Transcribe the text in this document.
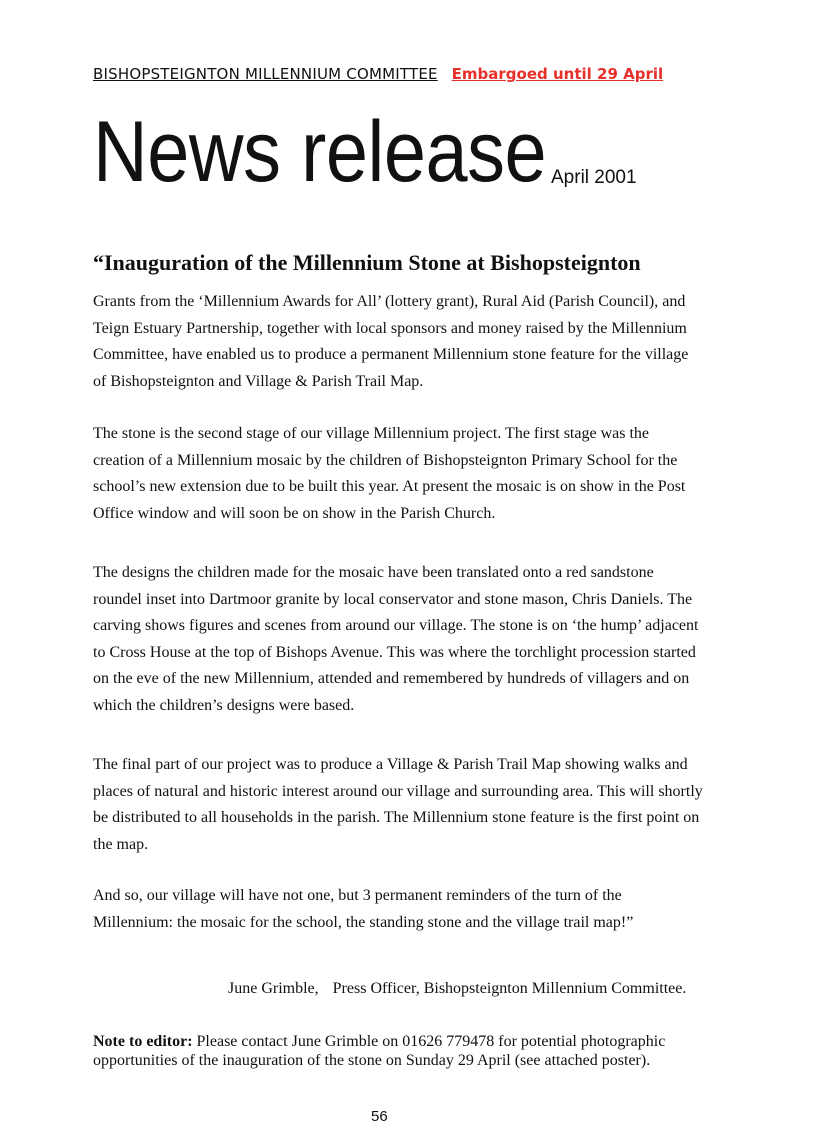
BISHOPSTEIGNTON MILLENNIUM COMMITTEE Embargoed until 29 April
News release April 2001
“Inauguration of the Millennium Stone at Bishopsteignton

Grants from the ‘Millennium Awards for All’ (lottery grant), Rural Aid (Parish Council), and Teign Estuary Partnership, together with local sponsors and money raised by the Millennium Committee, have enabled us to produce a permanent Millennium stone feature for the village of Bishopsteignton and Village & Parish Trail Map.

The stone is the second stage of our village Millennium project. The first stage was the creation of a Millennium mosaic by the children of Bishopsteignton Primary School for the school’s new extension due to be built this year. At present the mosaic is on show in the Post Office window and will soon be on show in the Parish Church.

The designs the children made for the mosaic have been translated onto a red sandstone roundel inset into Dartmoor granite by local conservator and stone mason, Chris Daniels. The carving shows figures and scenes from around our village. The stone is on ‘the hump’ adjacent to Cross House at the top of Bishops Avenue. This was where the torchlight procession started on the eve of the new Millennium, attended and remembered by hundreds of villagers and on which the children’s designs were based.

The final part of our project was to produce a Village & Parish Trail Map showing walks and places of natural and historic interest around our village and surrounding area. This will shortly be distributed to all households in the parish. The Millennium stone feature is the first point on the map.

And so, our village will have not one, but 3 permanent reminders of the turn of the Millennium: the mosaic for the school, the standing stone and the village trail map!”

June Grimble, Press Officer, Bishopsteignton Millennium Committee.

Note to editor: Please contact June Grimble on 01626 779478 for potential photographic opportunities of the inauguration of the stone on Sunday 29 April (see attached poster).

56
